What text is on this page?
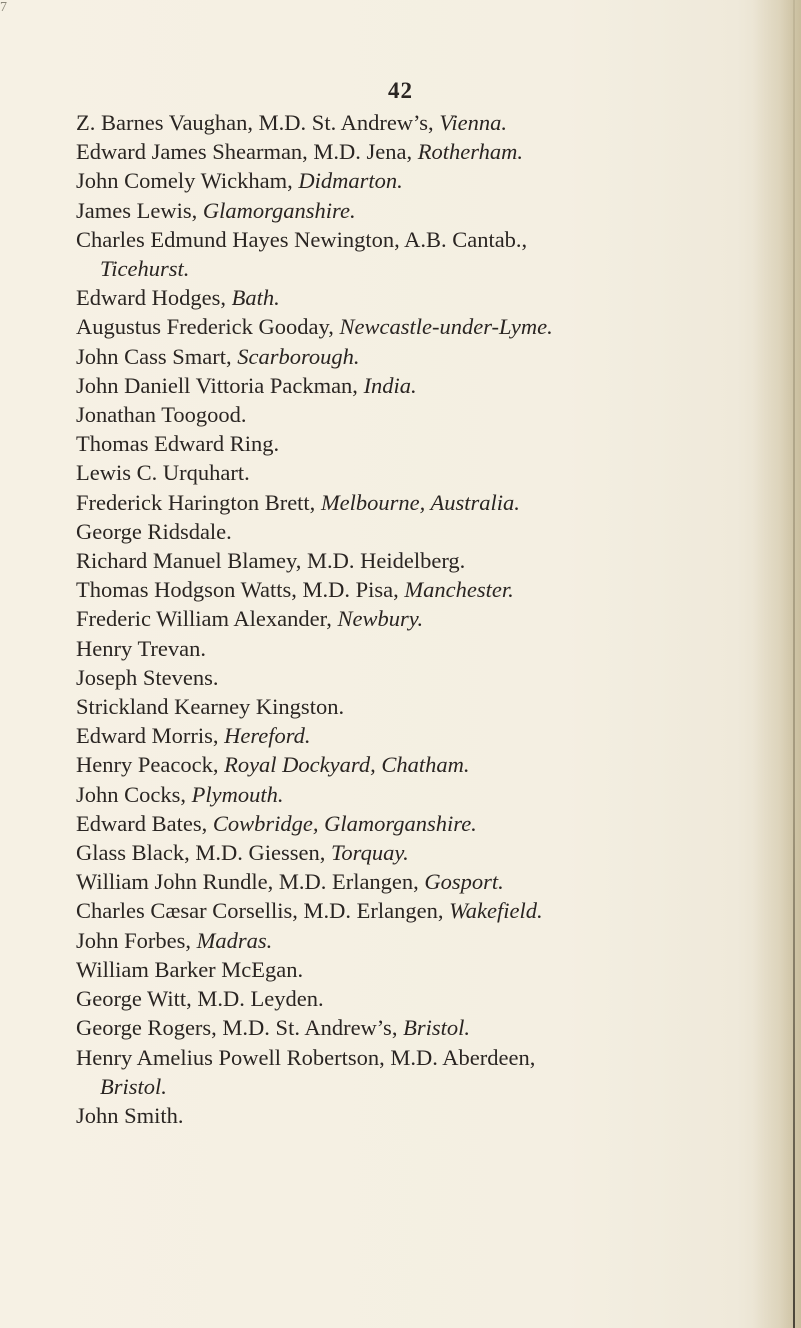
7
42
Z. Barnes Vaughan, M.D. St. Andrew’s, Vienna.
Edward James Shearman, M.D. Jena, Rotherham.
John Comely Wickham, Didmarton.
James Lewis, Glamorganshire.
Charles Edmund Hayes Newington, A.B. Cantab.,
Ticehurst.
Edward Hodges, Bath.
Augustus Frederick Gooday, Newcastle-under-Lyme.
John Cass Smart, Scarborough.
John Daniell Vittoria Packman, India.
Jonathan Toogood.
Thomas Edward Ring.
Lewis C. Urquhart.
Frederick Harington Brett, Melbourne, Australia.
George Ridsdale.
Richard Manuel Blamey, M.D. Heidelberg.
Thomas Hodgson Watts, M.D. Pisa, Manchester.
Frederic William Alexander, Newbury.
Henry Trevan.
Joseph Stevens.
Strickland Kearney Kingston.
Edward Morris, Hereford.
Henry Peacock, Royal Dockyard, Chatham.
John Cocks, Plymouth.
Edward Bates, Cowbridge, Glamorganshire.
Glass Black, M.D. Giessen, Torquay.
William John Rundle, M.D. Erlangen, Gosport.
Charles Cæsar Corsellis, M.D. Erlangen, Wakefield.
John Forbes, Madras.
William Barker McEgan.
George Witt, M.D. Leyden.
George Rogers, M.D. St. Andrew’s, Bristol.
Henry Amelius Powell Robertson, M.D. Aberdeen,
Bristol.
John Smith.
